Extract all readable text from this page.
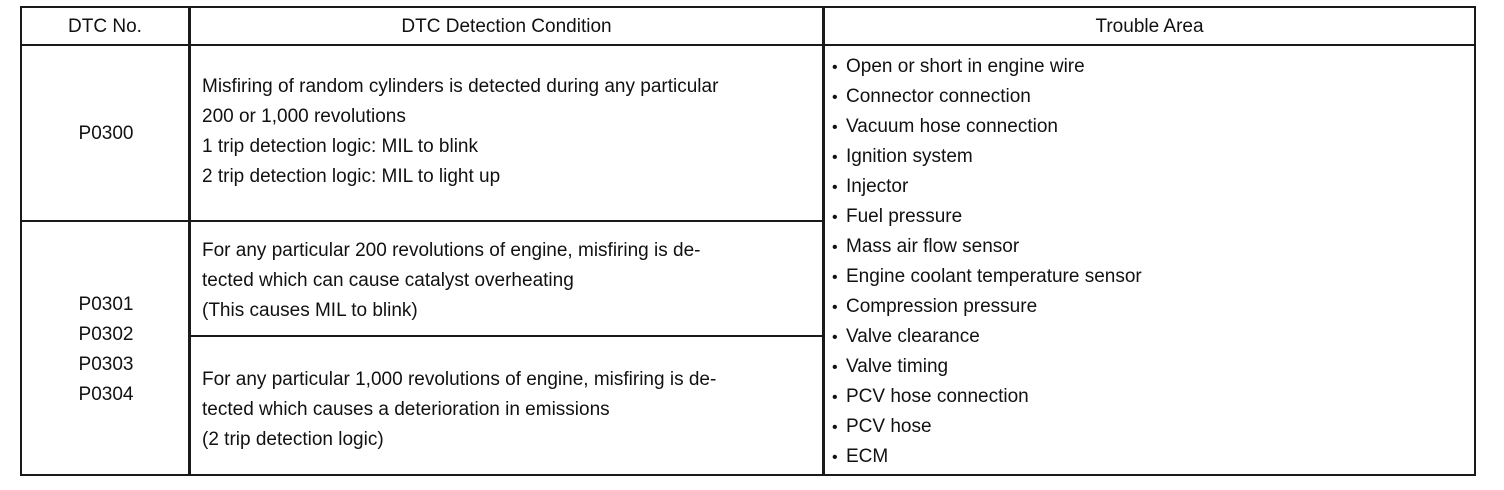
DTC No.	DTC Detection Condition	Trouble Area
P0300
Misfiring of random cylinders is detected during any particular
200 or 1,000 revolutions
1 trip detection logic: MIL to blink
2 trip detection logic: MIL to light up
P0301
P0302
P0303
P0304
For any particular 200 revolutions of engine, misfiring is de-
tected which can cause catalyst overheating
(This causes MIL to blink)
For any particular 1,000 revolutions of engine, misfiring is de-
tected which causes a deterioration in emissions
(2 trip detection logic)
• Open or short in engine wire
• Connector connection
• Vacuum hose connection
• Ignition system
• Injector
• Fuel pressure
• Mass air flow sensor
• Engine coolant temperature sensor
• Compression pressure
• Valve clearance
• Valve timing
• PCV hose connection
• PCV hose
• ECM
